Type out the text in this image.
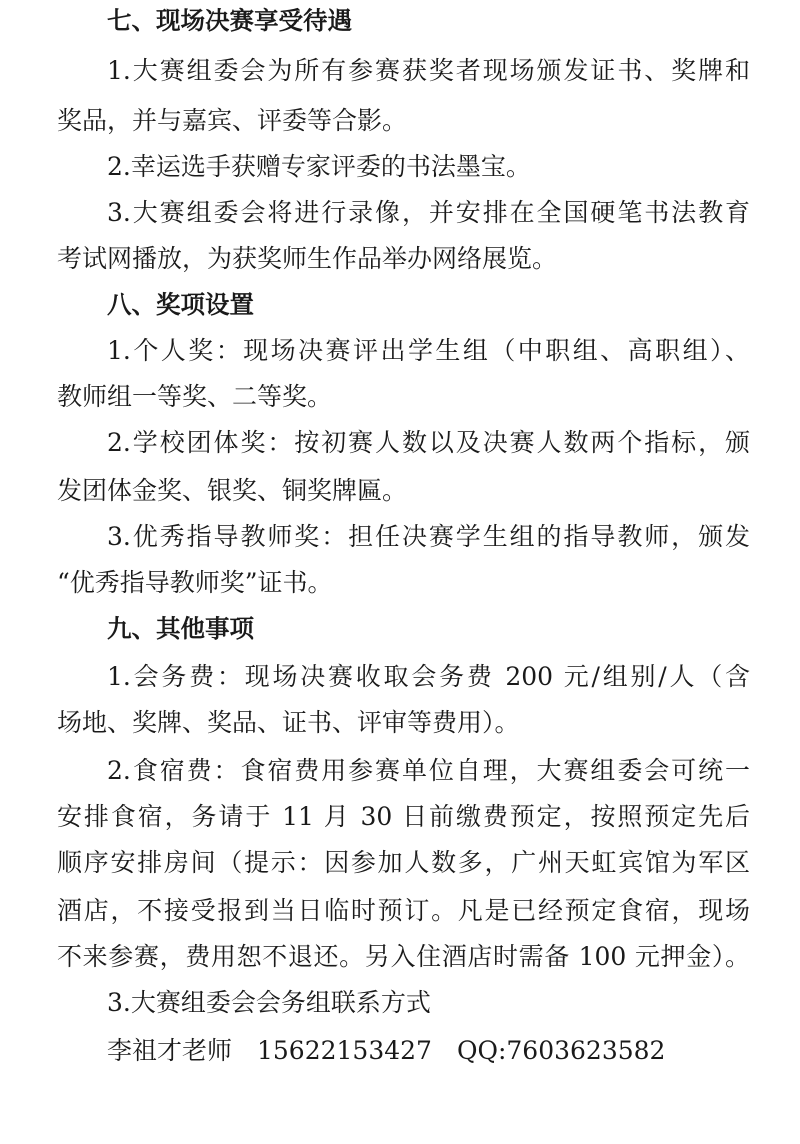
七、现场决赛享受待遇
1.大赛组委会为所有参赛获奖者现场颁发证书、奖牌和
奖品，并与嘉宾、评委等合影。
2.幸运选手获赠专家评委的书法墨宝。
3.大赛组委会将进行录像，并安排在全国硬笔书法教育
考试网播放，为获奖师生作品举办网络展览。
八、奖项设置
1.个人奖：现场决赛评出学生组（中职组、高职组）、
教师组一等奖、二等奖。
2.学校团体奖：按初赛人数以及决赛人数两个指标，颁
发团体金奖、银奖、铜奖牌匾。
3.优秀指导教师奖：担任决赛学生组的指导教师，颁发
“优秀指导教师奖”证书。
九、其他事项
1.会务费：现场决赛收取会务费 200 元/组别/人（含
场地、奖牌、奖品、证书、评审等费用）。
2.食宿费：食宿费用参赛单位自理，大赛组委会可统一
安排食宿，务请于 11 月 30 日前缴费预定，按照预定先后
顺序安排房间（提示：因参加人数多，广州天虹宾馆为军区
酒店，不接受报到当日临时预订。凡是已经预定食宿，现场
不来参赛，费用恕不退还。另入住酒店时需备 100 元押金）。
3.大赛组委会会务组联系方式
李祖才老师　15622153427　QQ:7603623582
